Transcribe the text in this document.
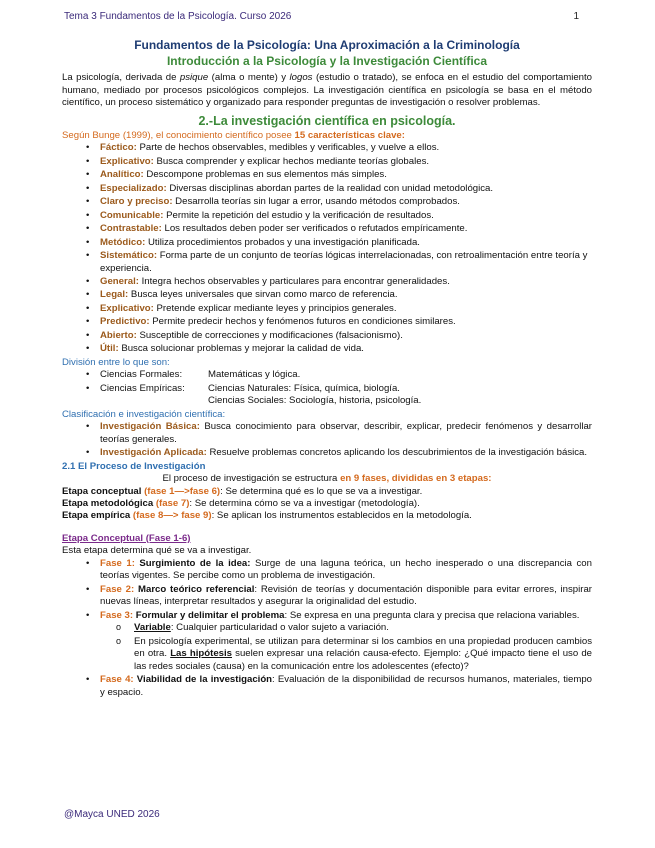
Tema 3 Fundamentos de la Psicología. Curso 2026	1
Fundamentos de la Psicología: Una Aproximación a la Criminología
Introducción a la Psicología y la Investigación Científica

La psicología, derivada de psique (alma o mente) y logos (estudio o tratado), se enfoca en el estudio del comportamiento humano, mediado por procesos psicológicos complejos. La investigación científica en psicología se basa en el método científico, un proceso sistemático y organizado para responder preguntas de investigación o resolver problemas.

2.-La investigación científica en psicología.
Según Bunge (1999), el conocimiento científico posee 15 características clave:
• Fáctico: Parte de hechos observables, medibles y verificables, y vuelve a ellos.
• Explicativo: Busca comprender y explicar hechos mediante teorías globales.
• Analítico: Descompone problemas en sus elementos más simples.
• Especializado: Diversas disciplinas abordan partes de la realidad con unidad metodológica.
• Claro y preciso: Desarrolla teorías sin lugar a error, usando métodos comprobados.
• Comunicable: Permite la repetición del estudio y la verificación de resultados.
• Contrastable: Los resultados deben poder ser verificados o refutados empíricamente.
• Metódico: Utiliza procedimientos probados y una investigación planificada.
• Sistemático: Forma parte de un conjunto de teorías lógicas interrelacionadas, con retroalimentación entre teoría y experiencia.
• General: Integra hechos observables y particulares para encontrar generalidades.
• Legal: Busca leyes universales que sirvan como marco de referencia.
• Explicativo: Pretende explicar mediante leyes y principios generales.
• Predictivo: Permite predecir hechos y fenómenos futuros en condiciones similares.
• Abierto: Susceptible de correcciones y modificaciones (falsacionismo).
• Útil: Busca solucionar problemas y mejorar la calidad de vida.
División entre lo que son:
• Ciencias Formales:	Matemáticas y lógica.
• Ciencias Empíricas:	Ciencias Naturales: Física, química, biología.
Ciencias Sociales: Sociología, historia, psicología.
Clasificación e investigación científica:
• Investigación Básica: Busca conocimiento para observar, describir, explicar, predecir fenómenos y desarrollar teorías generales.
• Investigación Aplicada: Resuelve problemas concretos aplicando los descubrimientos de la investigación básica.
2.1 El Proceso de Investigación
El proceso de investigación se estructura en 9 fases, divididas en 3 etapas:
Etapa conceptual (fase 1—>fase 6): Se determina qué es lo que se va a investigar.
Etapa metodológica (fase 7): Se determina cómo se va a investigar (metodología).
Etapa empírica (fase 8—> fase 9): Se aplican los instrumentos establecidos en la metodología.
Etapa Conceptual (Fase 1-6)
Esta etapa determina qué se va a investigar.
• Fase 1: Surgimiento de la idea: Surge de una laguna teórica, un hecho inesperado o una discrepancia con teorías vigentes. Se percibe como un problema de investigación.
• Fase 2: Marco teórico referencial: Revisión de teorías y documentación disponible para evitar errores, inspirar nuevas líneas, interpretar resultados y asegurar la originalidad del estudio.
• Fase 3: Formular y delimitar el problema: Se expresa en una pregunta clara y precisa que relaciona variables.
o Variable: Cualquier particularidad o valor sujeto a variación.
o En psicología experimental, se utilizan para determinar si los cambios en una propiedad producen cambios en otra. Las hipótesis suelen expresar una relación causa-efecto. Ejemplo: ¿Qué impacto tiene el uso de las redes sociales (causa) en la comunicación entre los adolescentes (efecto)?
• Fase 4: Viabilidad de la investigación: Evaluación de la disponibilidad de recursos humanos, materiales, tiempo y espacio.
@Mayca UNED 2026
